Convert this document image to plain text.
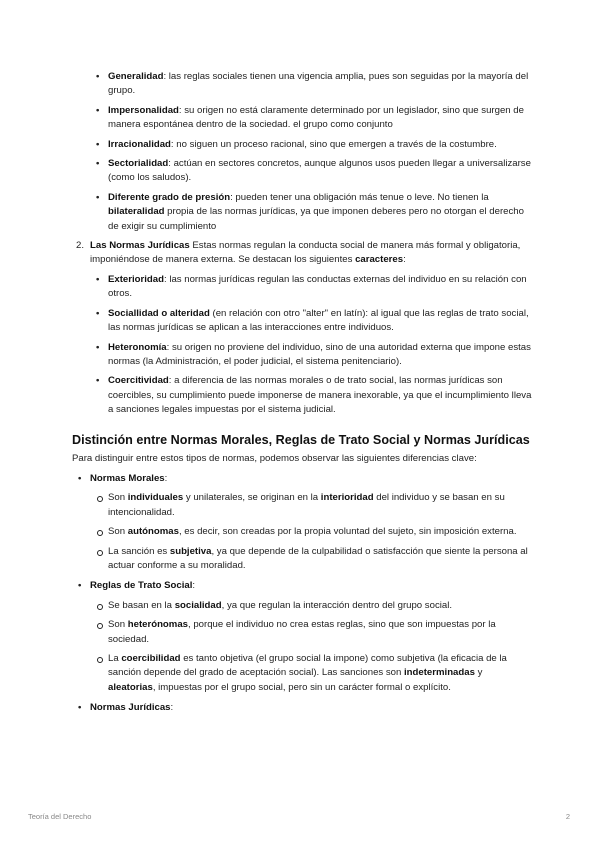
• Generalidad: las reglas sociales tienen una vigencia amplia, pues son seguidas por la mayoría del grupo.
• Impersonalidad: su origen no está claramente determinado por un legislador, sino que surgen de manera espontánea dentro de la sociedad. el grupo como conjunto
• Irracionalidad: no siguen un proceso racional, sino que emergen a través de la costumbre.
• Sectorialidad: actúan en sectores concretos, aunque algunos usos pueden llegar a universalizarse (como los saludos).
• Diferente grado de presión: pueden tener una obligación más tenue o leve. No tienen la bilateralidad propia de las normas jurídicas, ya que imponen deberes pero no otorgan el derecho de exigir su cumplimiento
2. Las Normas Jurídicas Estas normas regulan la conducta social de manera más formal y obligatoria, imponiéndose de manera externa. Se destacan los siguientes caracteres:
• Exterioridad: las normas jurídicas regulan las conductas externas del individuo en su relación con otros.
• Sociallidad o alteridad (en relación con otro "alter" en latín): al igual que las reglas de trato social, las normas jurídicas se aplican a las interacciones entre individuos.
• Heteronomía: su origen no proviene del individuo, sino de una autoridad externa que impone estas normas (la Administración, el poder judicial, el sistema penitenciario).
• Coercitividad: a diferencia de las normas morales o de trato social, las normas jurídicas son coercibles, su cumplimiento puede imponerse de manera inexorable, ya que el incumplimiento lleva a sanciones legales impuestas por el sistema judicial.
Distinción entre Normas Morales, Reglas de Trato Social y Normas Jurídicas

Para distinguir entre estos tipos de normas, podemos observar las siguientes diferencias clave:

• Normas Morales:
Son individuales y unilaterales, se originan en la interioridad del individuo y se basan en su intencionalidad.
Son autónomas, es decir, son creadas por la propia voluntad del sujeto, sin imposición externa.
La sanción es subjetiva, ya que depende de la culpabilidad o satisfacción que siente la persona al actuar conforme a su moralidad.
• Reglas de Trato Social:
Se basan en la socialidad, ya que regulan la interacción dentro del grupo social.
Son heterónomas, porque el individuo no crea estas reglas, sino que son impuestas por la sociedad.
La coercibilidad es tanto objetiva (el grupo social la impone) como subjetiva (la eficacia de la sanción depende del grado de aceptación social). Las sanciones son indeterminadas y aleatorias, impuestas por el grupo social, pero sin un carácter formal o explícito.
• Normas Jurídicas:
Teoría del Derecho	2
